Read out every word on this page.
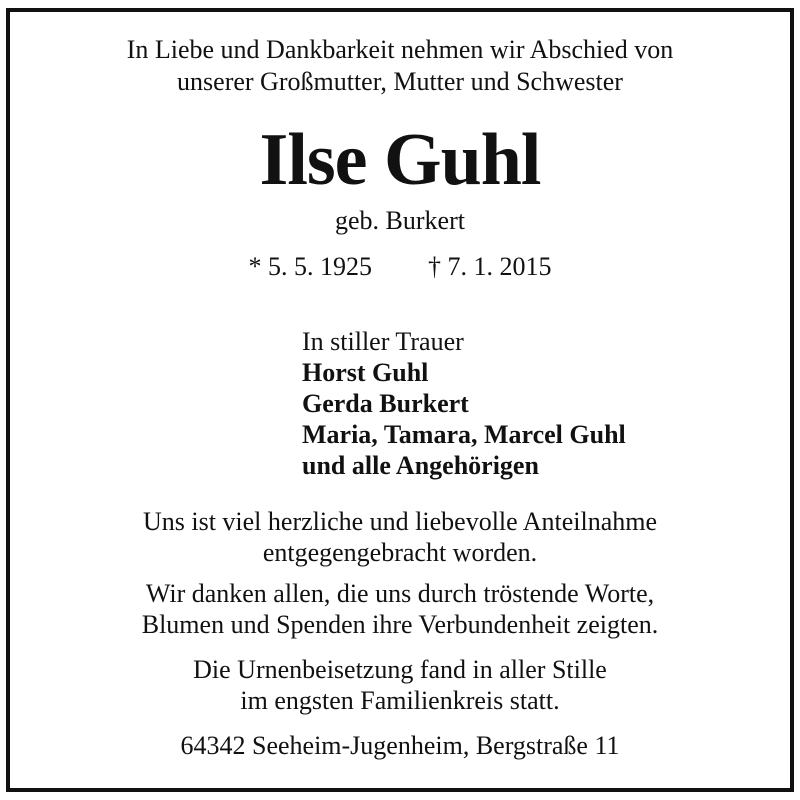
In Liebe und Dankbarkeit nehmen wir Abschied von
unserer Großmutter, Mutter und Schwester
Ilse Guhl
geb. Burkert
* 5. 5. 1925 † 7. 1. 2015
In stiller Trauer
Horst Guhl
Gerda Burkert
Maria, Tamara, Marcel Guhl
und alle Angehörigen
Uns ist viel herzliche und liebevolle Anteilnahme
entgegengebracht worden.
Wir danken allen, die uns durch tröstende Worte,
Blumen und Spenden ihre Verbundenheit zeigten.
Die Urnenbeisetzung fand in aller Stille
im engsten Familienkreis statt.
64342 Seeheim-Jugenheim, Bergstraße 11
